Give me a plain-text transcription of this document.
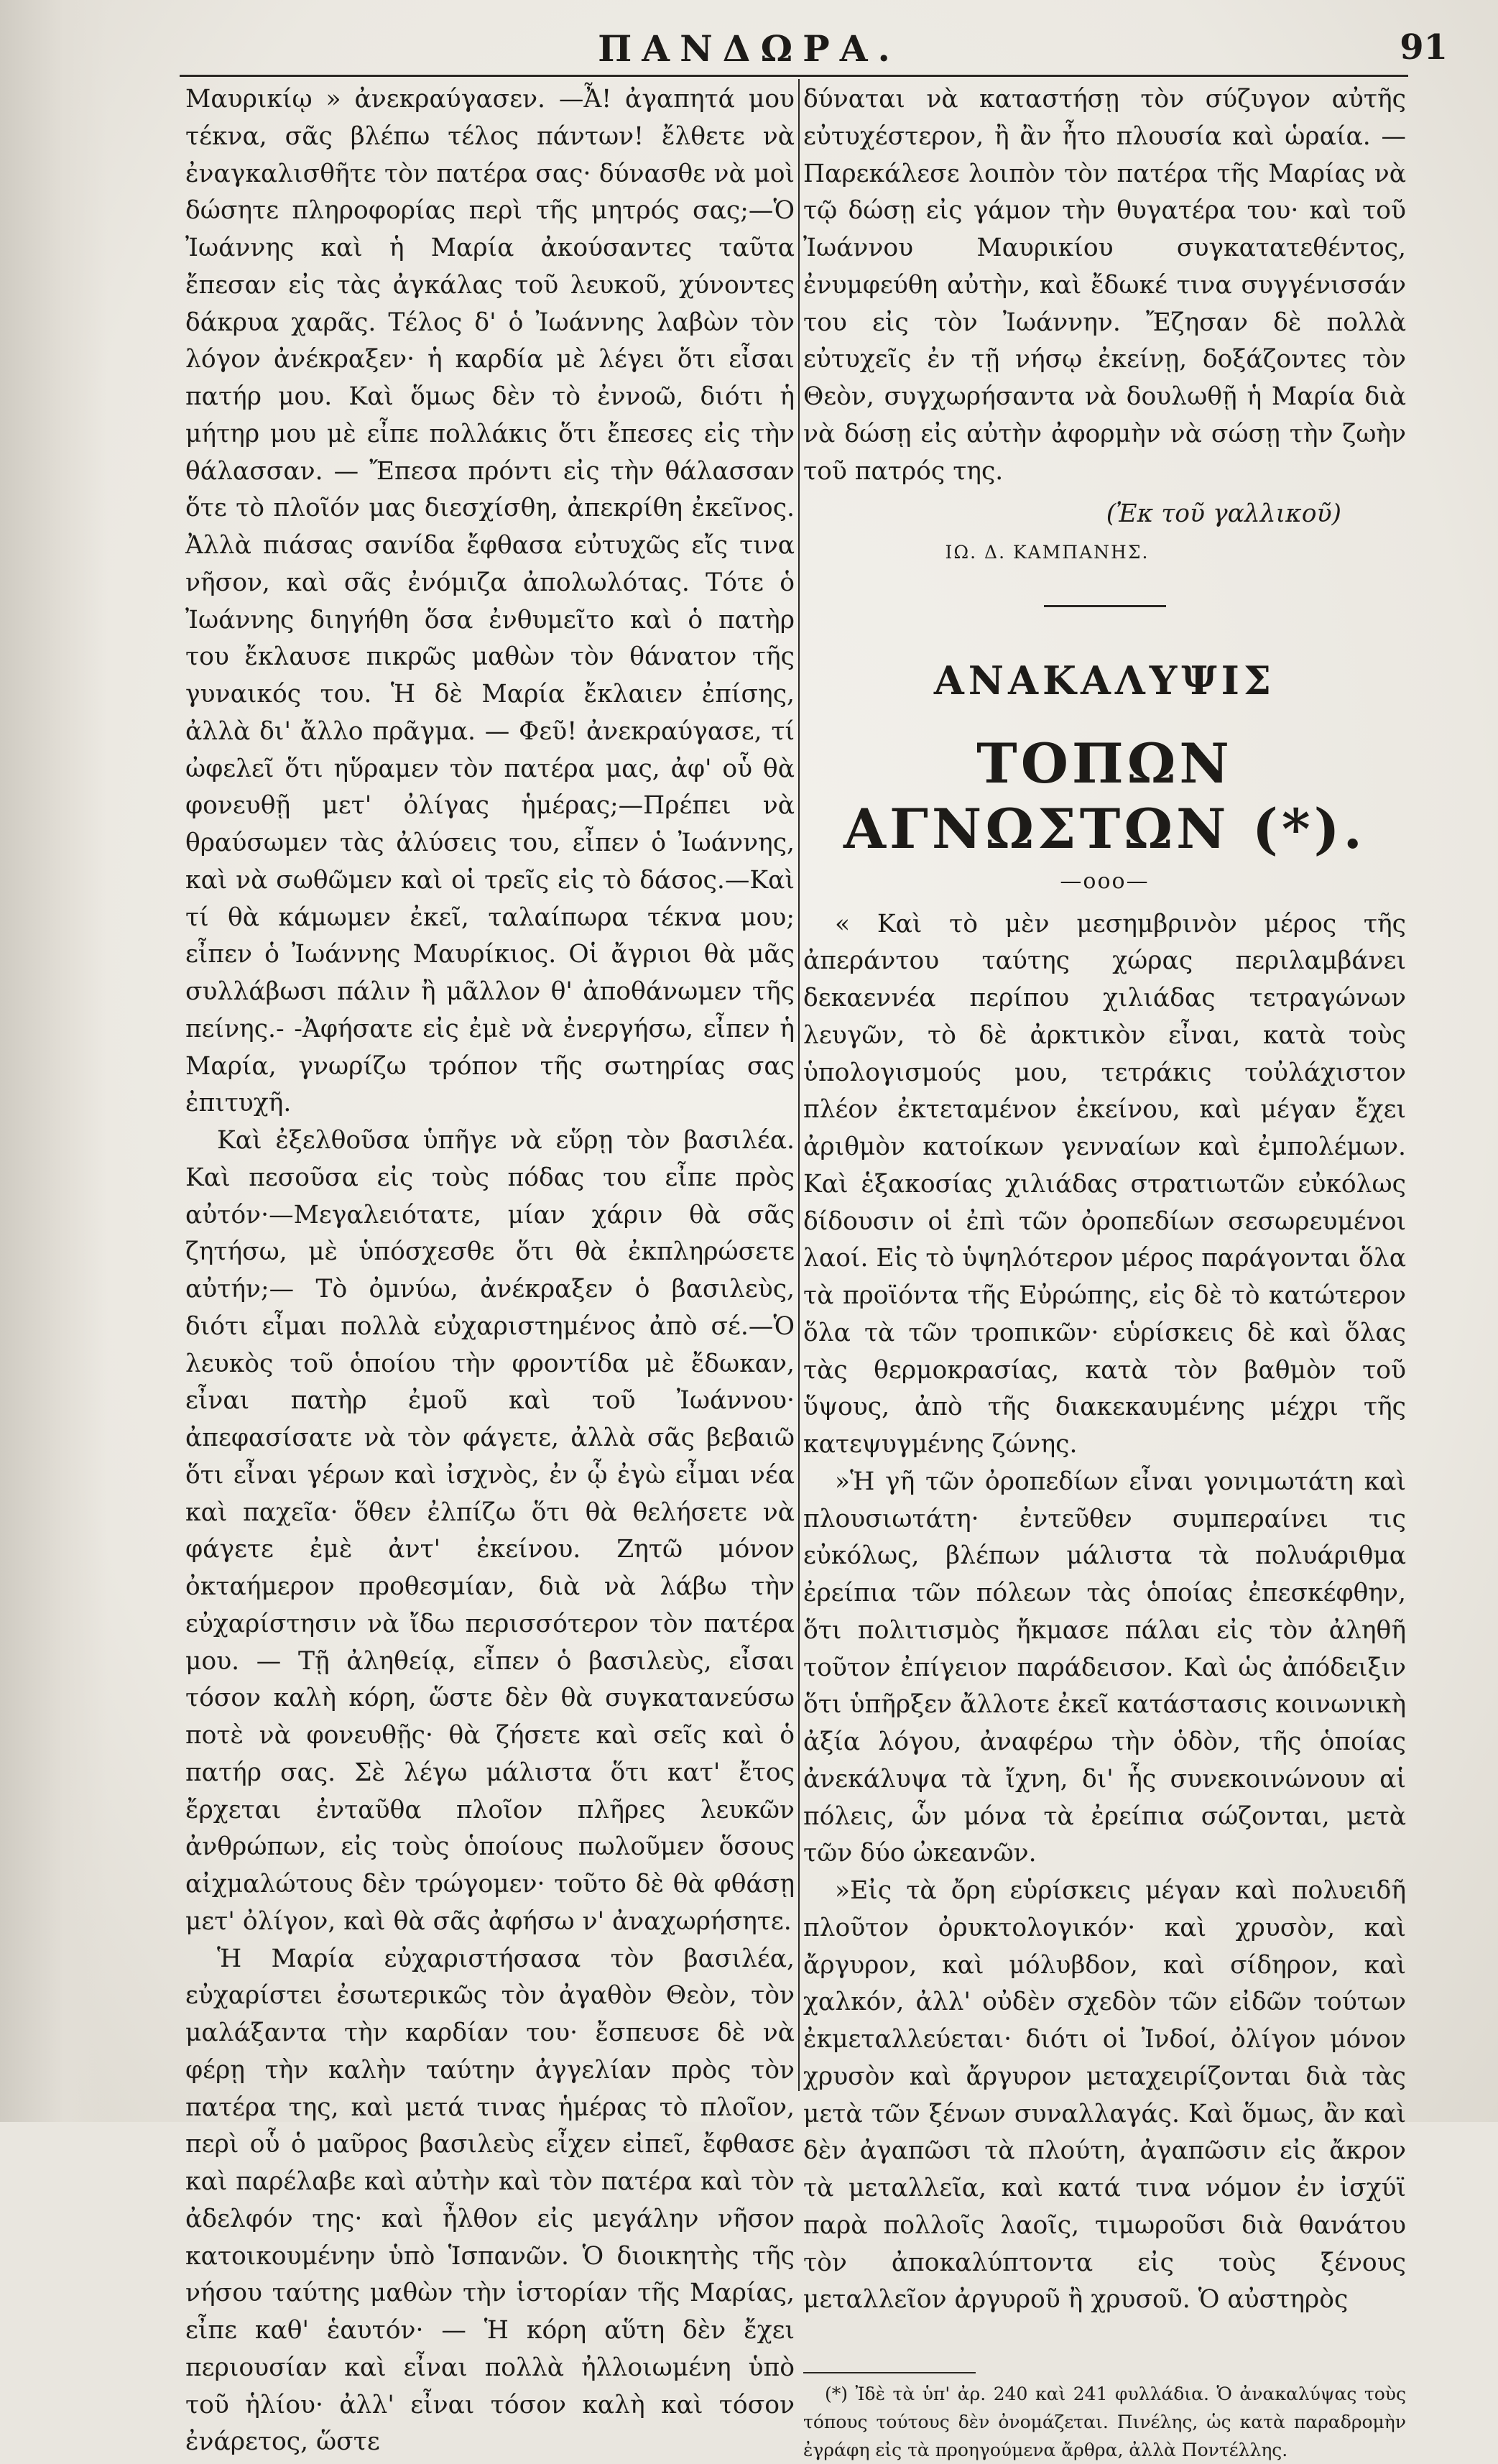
ΠΑΝΔΩΡΑ.	91

Μαυρικίῳ » ἀνεκραύγασεν. —Ἆ! ἀγαπητά μου τέκνα, σᾶς βλέπω τέλος πάντων! ἔλθετε νὰ ἐναγκαλισθῆτε τὸν πατέρα σας· δύνασθε νὰ μοὶ δώσητε πληροφορίας περὶ τῆς μητρός σας;—Ὁ Ἰωάννης καὶ ἡ Μαρία ἀκούσαντες ταῦτα ἔπεσαν εἰς τὰς ἀγκάλας τοῦ λευκοῦ, χύνοντες δάκρυα χαρᾶς. Τέλος δ' ὁ Ἰωάννης λαβὼν τὸν λόγον ἀνέκραξεν· ἡ καρδία μὲ λέγει ὅτι εἶσαι πατήρ μου. Καὶ ὅμως δὲν τὸ ἐννοῶ, διότι ἡ μήτηρ μου μὲ εἶπε πολλάκις ὅτι ἔπεσες εἰς τὴν θάλασσαν. — Ἔπεσα πρόντι εἰς τὴν θάλασσαν ὅτε τὸ πλοῖόν μας διεσχίσθη, ἀπεκρίθη ἐκεῖνος. Ἀλλὰ πιάσας σανίδα ἔφθασα εὐτυχῶς εἴς τινα νῆσον, καὶ σᾶς ἐνόμιζα ἀπολωλότας. Τότε ὁ Ἰωάννης διηγήθη ὅσα ἐνθυμεῖτο καὶ ὁ πατὴρ του ἔκλαυσε πικρῶς μαθὼν τὸν θάνατον τῆς γυναικός του. Ἡ δὲ Μαρία ἔκλαιεν ἐπίσης, ἀλλὰ δι' ἄλλο πρᾶγμα. — Φεῦ! ἀνεκραύγασε, τί ὠφελεῖ ὅτι ηὕραμεν τὸν πατέρα μας, ἀφ' οὗ θὰ φονευθῇ μετ' ὀλίγας ἡμέρας;—Πρέπει νὰ θραύσωμεν τὰς ἀλύσεις του, εἶπεν ὁ Ἰωάννης, καὶ νὰ σωθῶμεν καὶ οἱ τρεῖς εἰς τὸ δάσος.—Καὶ τί θὰ κάμωμεν ἐκεῖ, ταλαίπωρα τέκνα μου; εἶπεν ὁ Ἰωάννης Μαυρίκιος. Οἱ ἄγριοι θὰ μᾶς συλλάβωσι πάλιν ἢ μᾶλλον θ' ἀποθάνωμεν τῆς πείνης.- -Ἀφήσατε εἰς ἐμὲ νὰ ἐνεργήσω, εἶπεν ἡ Μαρία, γνωρίζω τρόπον τῆς σωτηρίας σας ἐπιτυχῆ.

Καὶ ἐξελθοῦσα ὑπῆγε νὰ εὕρῃ τὸν βασιλέα. Καὶ πεσοῦσα εἰς τοὺς πόδας του εἶπε πρὸς αὐτόν·—Μεγαλειότατε, μίαν χάριν θὰ σᾶς ζητήσω, μὲ ὑπόσχεσθε ὅτι θὰ ἐκπληρώσετε αὐτήν;— Τὸ ὀμνύω, ἀνέκραξεν ὁ βασιλεὺς, διότι εἶμαι πολλὰ εὐχαριστημένος ἀπὸ σέ.—Ὁ λευκὸς τοῦ ὁποίου τὴν φροντίδα μὲ ἔδωκαν, εἶναι πατὴρ ἐμοῦ καὶ τοῦ Ἰωάννου· ἀπεφασίσατε νὰ τὸν φάγετε, ἀλλὰ σᾶς βεβαιῶ ὅτι εἶναι γέρων καὶ ἰσχνὸς, ἐν ᾧ ἐγὼ εἶμαι νέα καὶ παχεῖα· ὅθεν ἐλπίζω ὅτι θὰ θελήσετε νὰ φάγετε ἐμὲ ἀντ' ἐκείνου. Ζητῶ μόνον ὀκταήμερον προθεσμίαν, διὰ νὰ λάβω τὴν εὐχαρίστησιν νὰ ἴδω περισσότερον τὸν πατέρα μου. — Τῇ ἀληθείᾳ, εἶπεν ὁ βασιλεὺς, εἶσαι τόσον καλὴ κόρη, ὥστε δὲν θὰ συγκατανεύσω ποτὲ νὰ φονευθῇς· θὰ ζήσετε καὶ σεῖς καὶ ὁ πατήρ σας. Σὲ λέγω μάλιστα ὅτι κατ' ἔτος ἔρχεται ἐνταῦθα πλοῖον πλῆρες λευκῶν ἀνθρώπων, εἰς τοὺς ὁποίους πωλοῦμεν ὅσους αἰχμαλώτους δὲν τρώγομεν· τοῦτο δὲ θὰ φθάσῃ μετ' ὀλίγον, καὶ θὰ σᾶς ἀφήσω ν' ἀναχωρήσητε.

Ἡ Μαρία εὐχαριστήσασα τὸν βασιλέα, εὐχαρίστει ἐσωτερικῶς τὸν ἀγαθὸν Θεὸν, τὸν μαλάξαντα τὴν καρδίαν του· ἔσπευσε δὲ νὰ φέρῃ τὴν καλὴν ταύτην ἀγγελίαν πρὸς τὸν πατέρα της, καὶ μετά τινας ἡμέρας τὸ πλοῖον, περὶ οὗ ὁ μαῦρος βασιλεὺς εἶχεν εἰπεῖ, ἔφθασε καὶ παρέλαβε καὶ αὐτὴν καὶ τὸν πατέρα καὶ τὸν ἀδελφόν της· καὶ ἦλθον εἰς μεγάλην νῆσον κατοικουμένην ὑπὸ Ἱσπανῶν. Ὁ διοικητὴς τῆς νήσου ταύτης μαθὼν τὴν ἱστορίαν τῆς Μαρίας, εἶπε καθ' ἑαυτόν· — Ἡ κόρη αὕτη δὲν ἔχει περιουσίαν καὶ εἶναι πολλὰ ἠλλοιωμένη ὑπὸ τοῦ ἡλίου· ἀλλ' εἶναι τόσον καλὴ καὶ τόσον ἐνάρετος, ὥστε

δύναται νὰ καταστήσῃ τὸν σύζυγον αὐτῆς εὐτυχέστερον, ἢ ἂν ἦτο πλουσία καὶ ὡραία. — Παρεκάλεσε λοιπὸν τὸν πατέρα τῆς Μαρίας νὰ τῷ δώσῃ εἰς γάμον τὴν θυγατέρα του· καὶ τοῦ Ἰωάννου Μαυρικίου συγκατατεθέντος, ἐνυμφεύθη αὐτὴν, καὶ ἔδωκέ τινα συγγένισσάν του εἰς τὸν Ἰωάννην. Ἔζησαν δὲ πολλὰ εὐτυχεῖς ἐν τῇ νήσῳ ἐκείνῃ, δοξάζοντες τὸν Θεὸν, συγχωρήσαντα νὰ δουλωθῇ ἡ Μαρία διὰ νὰ δώσῃ εἰς αὐτὴν ἀφορμὴν νὰ σώσῃ τὴν ζωὴν τοῦ πατρός της.

(Ἐκ τοῦ γαλλικοῦ)
ΙΩ. Δ. ΚΑΜΠΑΝΗΣ.
ΑΝΑΚΑΛΥΨΙΣ
ΤΟΠΩΝ ΑΓΝΩΣΤΩΝ (*).
—ooo—

« Καὶ τὸ μὲν μεσημβρινὸν μέρος τῆς ἀπεράντου ταύτης χώρας περιλαμβάνει δεκαεννέα περίπου χιλιάδας τετραγώνων λευγῶν, τὸ δὲ ἀρκτικὸν εἶναι, κατὰ τοὺς ὑπολογισμούς μου, τετράκις τοὐλάχιστον πλέον ἐκτεταμένον ἐκείνου, καὶ μέγαν ἔχει ἀριθμὸν κατοίκων γενναίων καὶ ἐμπολέμων. Καὶ ἑξακοσίας χιλιάδας στρατιωτῶν εὐκόλως δίδουσιν οἱ ἐπὶ τῶν ὀροπεδίων σεσωρευμένοι λαοί. Εἰς τὸ ὑψηλότερον μέρος παράγονται ὅλα τὰ προϊόντα τῆς Εὐρώπης, εἰς δὲ τὸ κατώτερον ὅλα τὰ τῶν τροπικῶν· εὑρίσκεις δὲ καὶ ὅλας τὰς θερμοκρασίας, κατὰ τὸν βαθμὸν τοῦ ὕψους, ἀπὸ τῆς διακεκαυμένης μέχρι τῆς κατεψυγμένης ζώνης.

»Ἡ γῆ τῶν ὀροπεδίων εἶναι γονιμωτάτη καὶ πλουσιωτάτη· ἐντεῦθεν συμπεραίνει τις εὐκόλως, βλέπων μάλιστα τὰ πολυάριθμα ἐρείπια τῶν πόλεων τὰς ὁποίας ἐπεσκέφθην, ὅτι πολιτισμὸς ἤκμασε πάλαι εἰς τὸν ἀληθῆ τοῦτον ἐπίγειον παράδεισον. Καὶ ὡς ἀπόδειξιν ὅτι ὑπῆρξεν ἄλλοτε ἐκεῖ κατάστασις κοινωνικὴ ἀξία λόγου, ἀναφέρω τὴν ὁδὸν, τῆς ὁποίας ἀνεκάλυψα τὰ ἴχνη, δι' ἧς συνεκοινώνουν αἱ πόλεις, ὧν μόνα τὰ ἐρείπια σώζονται, μετὰ τῶν δύο ὠκεανῶν.

»Εἰς τὰ ὄρη εὑρίσκεις μέγαν καὶ πολυειδῆ πλοῦτον ὀρυκτολογικόν· καὶ χρυσὸν, καὶ ἄργυρον, καὶ μόλυβδον, καὶ σίδηρον, καὶ χαλκόν, ἀλλ' οὐδὲν σχεδὸν τῶν εἰδῶν τούτων ἐκμεταλλεύεται· διότι οἱ Ἰνδοί, ὀλίγον μόνον χρυσὸν καὶ ἄργυρον μεταχειρίζονται διὰ τὰς μετὰ τῶν ξένων συναλλαγάς. Καὶ ὅμως, ἂν καὶ δὲν ἀγαπῶσι τὰ πλούτη, ἀγαπῶσιν εἰς ἄκρον τὰ μεταλλεῖα, καὶ κατά τινα νόμον ἐν ἰσχύϊ παρὰ πολλοῖς λαοῖς, τιμωροῦσι διὰ θανάτου τὸν ἀποκαλύπτοντα εἰς τοὺς ξένους μεταλλεῖον ἀργυροῦ ἢ χρυσοῦ. Ὁ αὐστηρὸς

(*) Ἰδὲ τὰ ὑπ' ἀρ. 240 καὶ 241 φυλλάδια. Ὁ ἀνακαλύψας τοὺς τόπους τούτους δὲν ὀνομάζεται. Πινέλης, ὡς κατὰ παραδρομὴν ἐγράφη εἰς τὰ προηγούμενα ἄρθρα, ἀλλὰ Ποντέλλης.
